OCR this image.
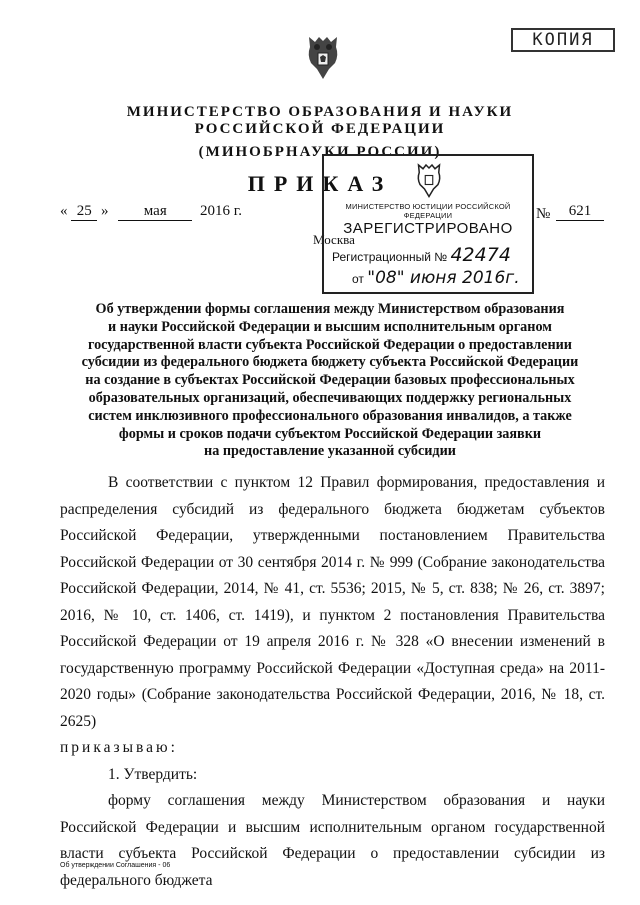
КОПИЯ
МИНИСТЕРСТВО ОБРАЗОВАНИЯ И НАУКИ
РОССИЙСКОЙ ФЕДЕРАЦИИ
(МИНОБРНАУКИ РОССИИ)
ПРИКАЗ
« 25 » мая 2016 г.	№	621
Москва
МИНИСТЕРСТВО ЮСТИЦИИ РОССИЙСКОЙ ФЕДЕРАЦИИ
ЗАРЕГИСТРИРОВАНО
Регистрационный № 42474
от "08" июня 2016г.
Об утверждении формы соглашения между Министерством образования
и науки Российской Федерации и высшим исполнительным органом
государственной власти субъекта Российской Федерации о предоставлении
субсидии из федерального бюджета бюджету субъекта Российской Федерации
на создание в субъектах Российской Федерации базовых профессиональных
образовательных организаций, обеспечивающих поддержку региональных
систем инклюзивного профессионального образования инвалидов, а также
формы и сроков подачи субъектом Российской Федерации заявки
на предоставление указанной субсидии

В соответствии с пунктом 12 Правил формирования, предоставления и распределения субсидий из федерального бюджета бюджетам субъектов Российской Федерации, утвержденными постановлением Правительства Российской Федерации от 30 сентября 2014 г. № 999 (Собрание законодательства Российской Федерации, 2014, № 41, ст. 5536; 2015, № 5, ст. 838; № 26, ст. 3897; 2016, № 10, ст. 1406, ст. 1419), и пунктом 2 постановления Правительства Российской Федерации от 19 апреля 2016 г. № 328 «О внесении изменений в государственную программу Российской Федерации «Доступная среда» на 2011-2020 годы» (Собрание законодательства Российской Федерации, 2016, № 18, ст. 2625)

приказываю:

1. Утвердить:

форму соглашения между Министерством образования и науки Российской Федерации и высшим исполнительным органом государственной власти субъекта Российской Федерации о предоставлении субсидии из федерального бюджета

Об утверждении Соглашения - 06
